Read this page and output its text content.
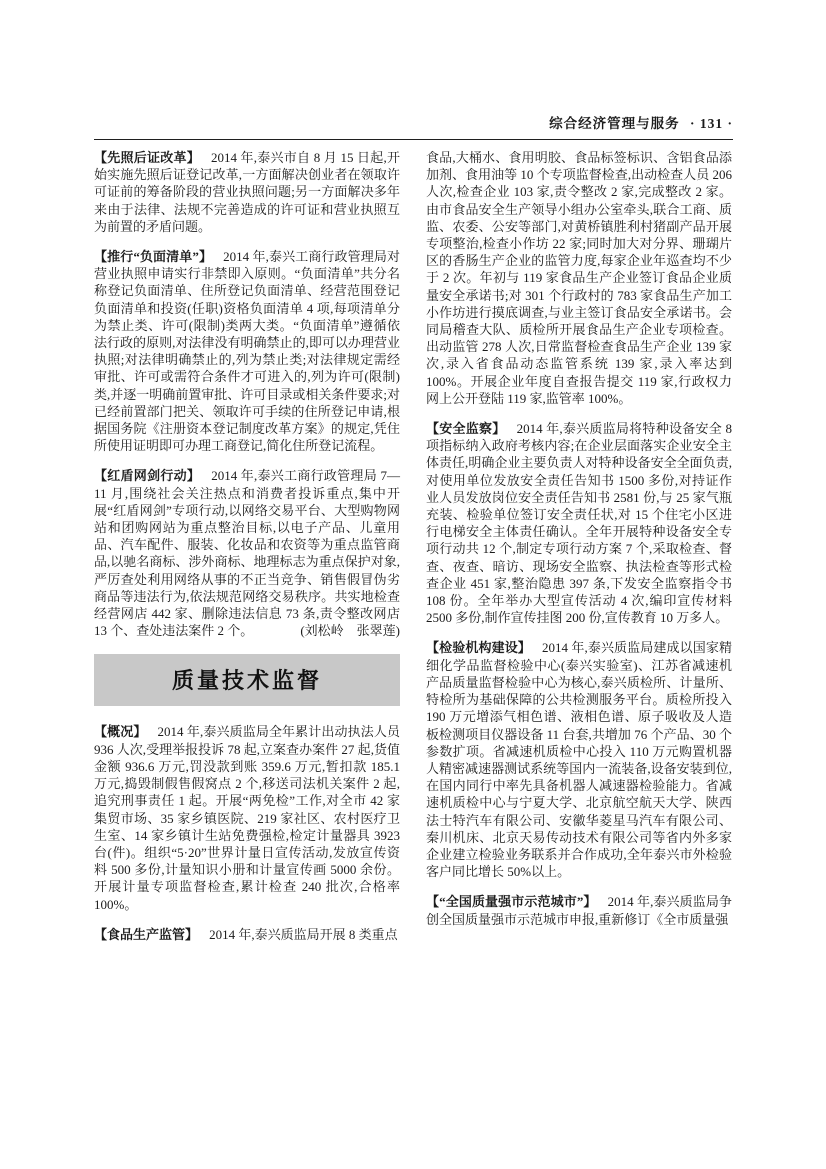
综合经济管理与服务 · 131 ·

【先照后证改革】 2014 年,泰兴市自 8 月 15 日起,开始实施先照后证登记改革,一方面解决创业者在领取许可证前的筹备阶段的营业执照问题;另一方面解决多年来由于法律、法规不完善造成的许可证和营业执照互为前置的矛盾问题。

【推行“负面清单”】 2014 年,泰兴工商行政管理局对营业执照申请实行非禁即入原则。“负面清单”共分名称登记负面清单、住所登记负面清单、经营范围登记负面清单和投资(任职)资格负面清单 4 项,每项清单分为禁止类、许可(限制)类两大类。“负面清单”遵循依法行政的原则,对法律没有明确禁止的,即可以办理营业执照;对法律明确禁止的,列为禁止类;对法律规定需经审批、许可或需符合条件才可进入的,列为许可(限制)类,并逐一明确前置审批、许可目录或相关条件要求;对已经前置部门把关、领取许可手续的住所登记申请,根据国务院《注册资本登记制度改革方案》的规定,凭住所使用证明即可办理工商登记,简化住所登记流程。

【红盾网剑行动】 2014 年,泰兴工商行政管理局 7—11 月,围绕社会关注热点和消费者投诉重点,集中开展“红盾网剑”专项行动,以网络交易平台、大型购物网站和团购网站为重点整治目标,以电子产品、儿童用品、汽车配件、服装、化妆品和农资等为重点监管商品,以驰名商标、涉外商标、地理标志为重点保护对象,严厉查处利用网络从事的不正当竞争、销售假冒伪劣商品等违法行为,依法规范网络交易秩序。共实地检查经营网店 442 家、删除违法信息 73 条,责令整改网店 13 个、查处违法案件 2 个。	(刘松岭　张翠莲)

质量技术监督

【概况】 2014 年,泰兴质监局全年累计出动执法人员 936 人次,受理举报投诉 78 起,立案查办案件 27 起,货值金额 936.6 万元,罚没款到账 359.6 万元,暂扣款 185.1 万元,捣毁制假售假窝点 2 个,移送司法机关案件 2 起,追究刑事责任 1 起。开展“两免检”工作,对全市 42 家集贸市场、35 家乡镇医院、219 家社区、农村医疗卫生室、14 家乡镇计生站免费强检,检定计量器具 3923 台(件)。组织“5·20”世界计量日宣传活动,发放宣传资料 500 多份,计量知识小册和计量宣传画 5000 余份。开展计量专项监督检查,累计检查 240 批次,合格率 100%。

【食品生产监管】 2014 年,泰兴质监局开展 8 类重点

食品,大桶水、食用明胶、食品标签标识、含铝食品添加剂、食用油等 10 个专项监督检查,出动检查人员 206 人次,检查企业 103 家,责令整改 2 家,完成整改 2 家。由市食品安全生产领导小组办公室牵头,联合工商、质监、农委、公安等部门,对黄桥镇胜利村猪副产品开展专项整治,检查小作坊 22 家;同时加大对分界、珊瑚片区的香肠生产企业的监管力度,每家企业年巡查均不少于 2 次。年初与 119 家食品生产企业签订食品企业质量安全承诺书;对 301 个行政村的 783 家食品生产加工小作坊进行摸底调查,与业主签订食品安全承诺书。会同局稽查大队、质检所开展食品生产企业专项检查。出动监管 278 人次,日常监督检查食品生产企业 139 家次,录入省食品动态监管系统 139 家,录入率达到 100%。开展企业年度自查报告提交 119 家,行政权力网上公开登陆 119 家,监管率 100%。

【安全监察】 2014 年,泰兴质监局将特种设备安全 8 项指标纳入政府考核内容;在企业层面落实企业安全主体责任,明确企业主要负责人对特种设备安全全面负责,对使用单位发放安全责任告知书 1500 多份,对持证作业人员发放岗位安全责任告知书 2581 份,与 25 家气瓶充装、检验单位签订安全责任状,对 15 个住宅小区进行电梯安全主体责任确认。全年开展特种设备安全专项行动共 12 个,制定专项行动方案 7 个,采取检查、督查、夜查、暗访、现场安全监察、执法检查等形式检查企业 451 家,整治隐患 397 条,下发安全监察指令书 108 份。全年举办大型宣传活动 4 次,编印宣传材料 2500 多份,制作宣传挂图 200 份,宣传教育 10 万多人。

【检验机构建设】 2014 年,泰兴质监局建成以国家精细化学品监督检验中心(泰兴实验室)、江苏省减速机产品质量监督检验中心为核心,泰兴质检所、计量所、特检所为基础保障的公共检测服务平台。质检所投入 190 万元增添气相色谱、液相色谱、原子吸收及人造板检测项目仪器设备 11 台套,共增加 76 个产品、30 个参数扩项。省减速机质检中心投入 110 万元购置机器人精密减速器测试系统等国内一流装备,设备安装到位,在国内同行中率先具备机器人减速器检验能力。省减速机质检中心与宁夏大学、北京航空航天大学、陕西法士特汽车有限公司、安徽华菱星马汽车有限公司、秦川机床、北京天易传动技术有限公司等省内外多家企业建立检验业务联系并合作成功,全年泰兴市外检验客户同比增长 50%以上。

【“全国质量强市示范城市”】 2014 年,泰兴质监局争创全国质量强市示范城市申报,重新修订《全市质量强
